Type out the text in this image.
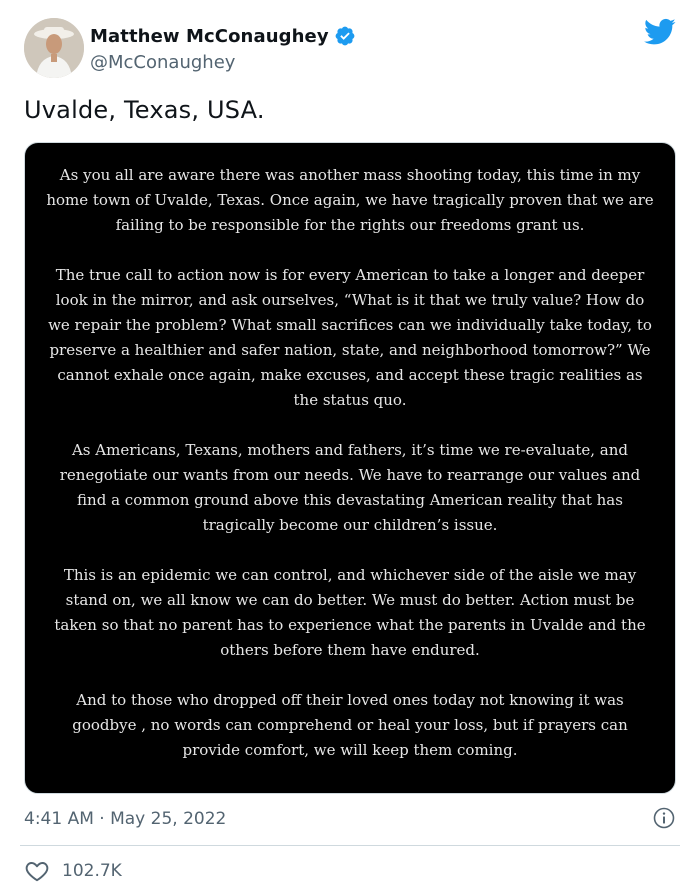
Matthew McConaughey
@McConaughey
Uvalde, Texas, USA.

As you all are aware there was another mass shooting today, this time in my home town of Uvalde, Texas. Once again, we have tragically proven that we are failing to be responsible for the rights our freedoms grant us.

The true call to action now is for every American to take a longer and deeper look in the mirror, and ask ourselves, “What is it that we truly value? How do we repair the problem? What small sacrifices can we individually take today, to preserve a healthier and safer nation, state, and neighborhood tomorrow?” We cannot exhale once again, make excuses, and accept these tragic realities as the status quo.

As Americans, Texans, mothers and fathers, it’s time we re-evaluate, and renegotiate our wants from our needs. We have to rearrange our values and find a common ground above this devastating American reality that has tragically become our children’s issue.

This is an epidemic we can control, and whichever side of the aisle we may stand on, we all know we can do better. We must do better. Action must be taken so that no parent has to experience what the parents in Uvalde and the others before them have endured.

And to those who dropped off their loved ones today not knowing it was goodbye , no words can comprehend or heal your loss, but if prayers can provide comfort, we will keep them coming.

4:41 AM · May 25, 2022
102.7K
